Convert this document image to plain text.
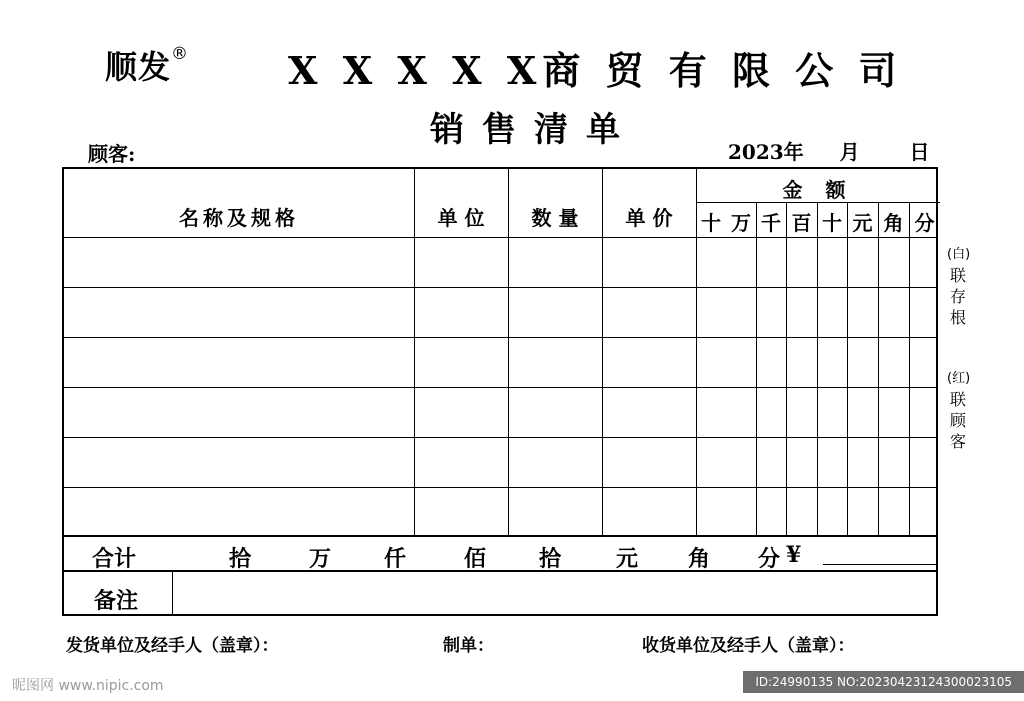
顺发®	X X X X X商 贸 有 限 公 司
销售清单
顾客:	2023年 月 日
名称及规格	单 位	数 量	单 价
金 额
十 万 千 百 十 元 角 分
合计	拾	万 仟	佰 拾 元 角 分 ¥
备注
(白)
联
存
根
(红)
联
顾
客
发货单位及经手人（盖章）：	制单：	收货单位及经手人（盖章）：
昵图网 www.nipic.com	ID:24990135 NO:20230423124300023105
